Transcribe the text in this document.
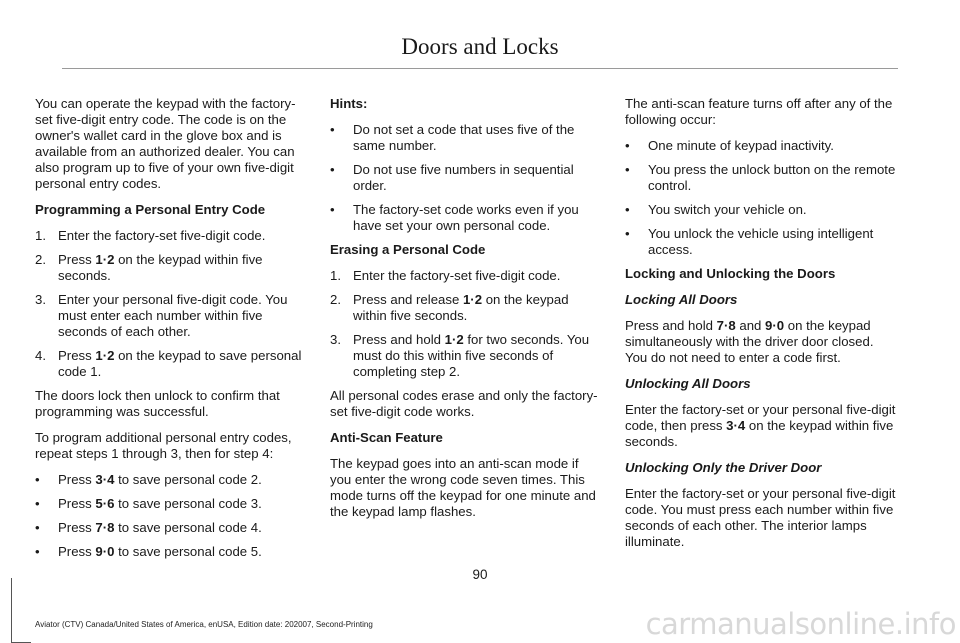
Doors and Locks

You can operate the keypad with the factory-set five-digit entry code. The code is on the owner's wallet card in the glove box and is available from an authorized dealer. You can also program up to five of your own five-digit personal entry codes.

Programming a Personal Entry Code

1. Enter the factory-set five-digit code.
2. Press 1·2 on the keypad within five seconds.
3. Enter your personal five-digit code. You must enter each number within five seconds of each other.
4. Press 1·2 on the keypad to save personal code 1.

The doors lock then unlock to confirm that programming was successful.

To program additional personal entry codes, repeat steps 1 through 3, then for step 4:

• Press 3·4 to save personal code 2.
• Press 5·6 to save personal code 3.
• Press 7·8 to save personal code 4.
• Press 9·0 to save personal code 5.

Hints:

• Do not set a code that uses five of the same number.
• Do not use five numbers in sequential order.
• The factory-set code works even if you have set your own personal code.

Erasing a Personal Code

1. Enter the factory-set five-digit code.
2. Press and release 1·2 on the keypad within five seconds.
3. Press and hold 1·2 for two seconds. You must do this within five seconds of completing step 2.

All personal codes erase and only the factory-set five-digit code works.

Anti-Scan Feature

The keypad goes into an anti-scan mode if you enter the wrong code seven times. This mode turns off the keypad for one minute and the keypad lamp flashes.

The anti-scan feature turns off after any of the following occur:

• One minute of keypad inactivity.
• You press the unlock button on the remote control.
• You switch your vehicle on.
• You unlock the vehicle using intelligent access.

Locking and Unlocking the Doors

Locking All Doors

Press and hold 7·8 and 9·0 on the keypad simultaneously with the driver door closed. You do not need to enter a code first.

Unlocking All Doors

Enter the factory-set or your personal five-digit code, then press 3·4 on the keypad within five seconds.

Unlocking Only the Driver Door

Enter the factory-set or your personal five-digit code. You must press each number within five seconds of each other. The interior lamps illuminate.

90
Aviator (CTV) Canada/United States of America, enUSA, Edition date: 202007, Second-Printing	carmanualsonline.info
